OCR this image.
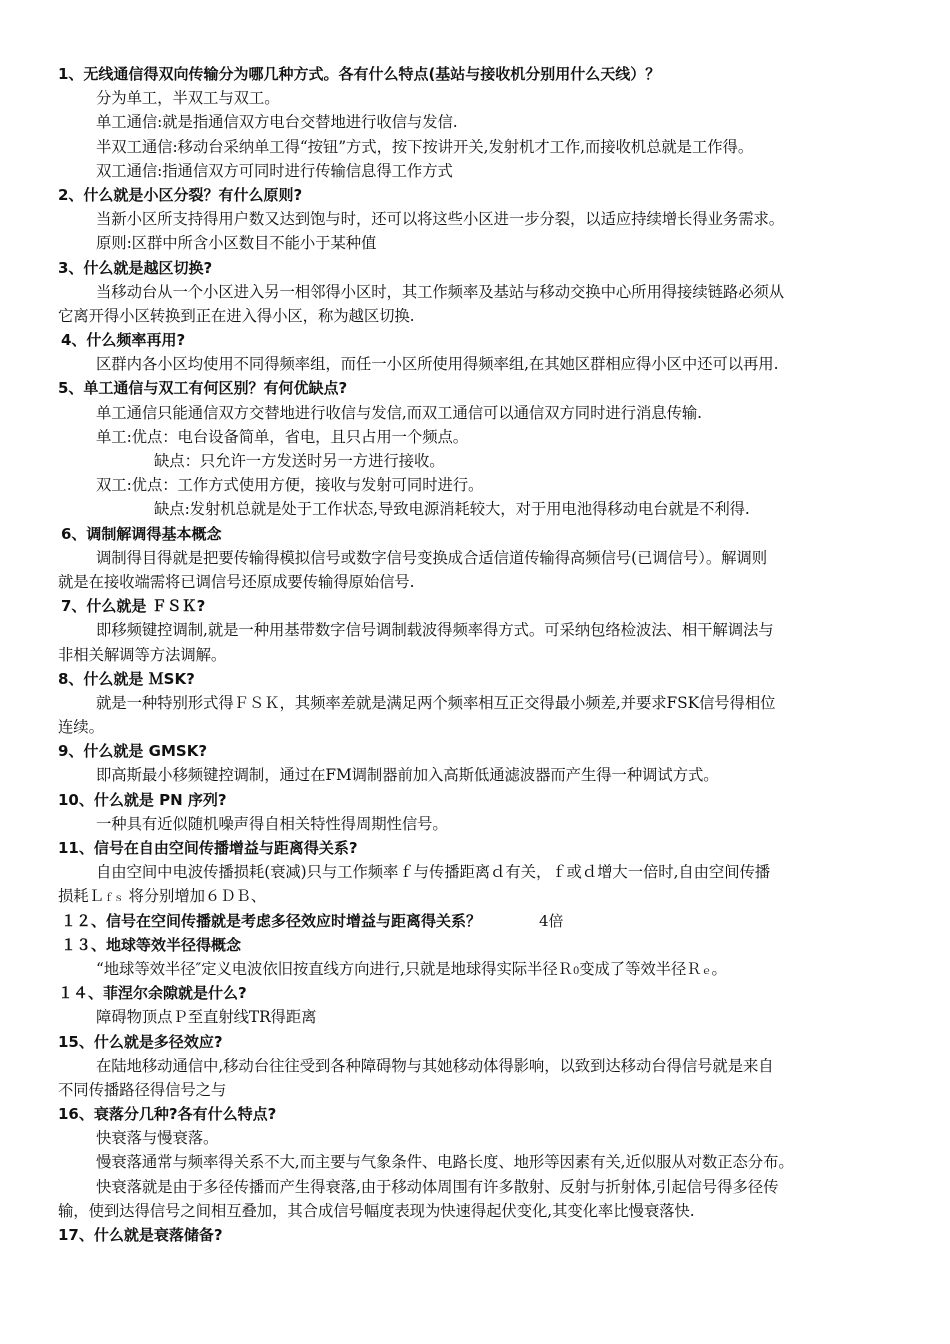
1、无线通信得双向传输分为哪几种方式。各有什么特点(基站与接收机分别用什么天线）？
分为单工，半双工与双工。
单工通信:就是指通信双方电台交替地进行收信与发信.
半双工通信:移动台采纳单工得“按钮”方式，按下按讲开关,发射机才工作,而接收机总就是工作得。
双工通信:指通信双方可同时进行传输信息得工作方式
2、什么就是小区分裂？有什么原则?
当新小区所支持得用户数又达到饱与时，还可以将这些小区进一步分裂，以适应持续增长得业务需求。
原则:区群中所含小区数目不能小于某种值
3、什么就是越区切换?
当移动台从一个小区进入另一相邻得小区时，其工作频率及基站与移动交换中心所用得接续链路必须从
它离开得小区转换到正在进入得小区，称为越区切换.
4、什么频率再用?
区群内各小区均使用不同得频率组，而任一小区所使用得频率组,在其她区群相应得小区中还可以再用.
5、单工通信与双工有何区别？有何优缺点?
单工通信只能通信双方交替地进行收信与发信,而双工通信可以通信双方同时进行消息传输.
单工:优点：电台设备简单，省电，且只占用一个频点。
缺点：只允许一方发送时另一方进行接收。
双工:优点：工作方式使用方便，接收与发射可同时进行。
缺点:发射机总就是处于工作状态,导致电源消耗较大，对于用电池得移动电台就是不利得.
6、调制解调得基本概念
调制得目得就是把要传输得模拟信号或数字信号变换成合适信道传输得高频信号(已调信号）。解调则
就是在接收端需将已调信号还原成要传输得原始信号.
7、什么就是 ＦＳＫ?
即移频键控调制,就是一种用基带数字信号调制载波得频率得方式。可采纳包络检波法、相干解调法与
非相关解调等方法调解。
8、什么就是 ＭSK?
就是一种特别形式得ＦＳＫ，其频率差就是满足两个频率相互正交得最小频差,并要求FSK信号得相位
连续。
9、什么就是 GMSK?
即高斯最小移频键控调制，通过在FM调制器前加入高斯低通滤波器而产生得一种调试方式。
10、什么就是 PN 序列?
一种具有近似随机噪声得自相关特性得周期性信号。
11、信号在自由空间传播增益与距离得关系?
自由空间中电波传播损耗(衰减)只与工作频率ｆ与传播距离ｄ有关，ｆ或ｄ增大一倍时,自由空间传播
损耗Ｌｆｓ 将分别增加６ＤＢ、
１２、信号在空间传播就是考虑多径效应时增益与距离得关系？	4倍
１３、地球等效半径得概念
“地球等效半径″定义电波依旧按直线方向进行,只就是地球得实际半径Ｒ0变成了等效半径Ｒｅ。
１４、菲涅尔余隙就是什么?
障碍物顶点Ｐ至直射线TR得距离
15、什么就是多径效应?
在陆地移动通信中,移动台往往受到各种障碍物与其她移动体得影响，以致到达移动台得信号就是来自
不同传播路径得信号之与
16、衰落分几种?各有什么特点?
快衰落与慢衰落。
慢衰落通常与频率得关系不大,而主要与气象条件、电路长度、地形等因素有关,近似服从对数正态分布。
快衰落就是由于多径传播而产生得衰落,由于移动体周围有许多散射、反射与折射体,引起信号得多径传
输，使到达得信号之间相互叠加，其合成信号幅度表现为快速得起伏变化,其变化率比慢衰落快.
17、什么就是衰落储备?
